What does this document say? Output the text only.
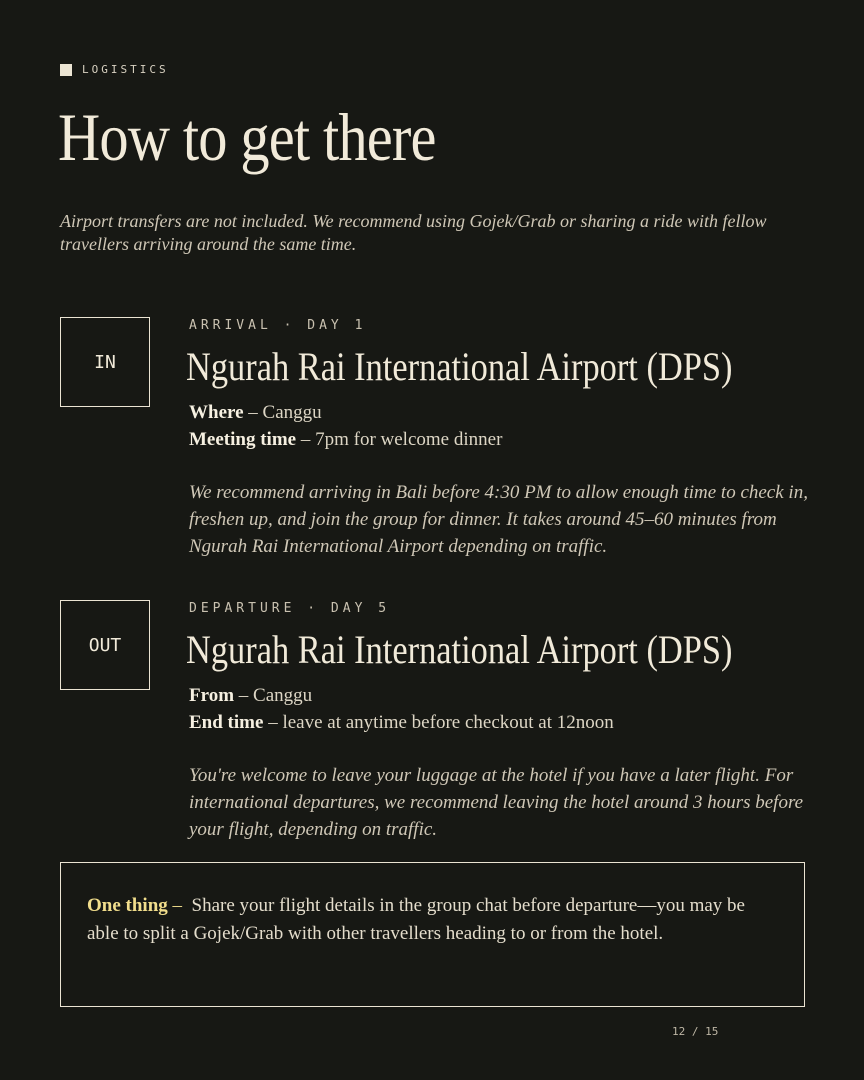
LOGISTICS
How to get there

Airport transfers are not included. We recommend using Gojek/Grab or sharing a ride with fellow travellers arriving around the same time.

IN

ARRIVAL · DAY 1

Ngurah Rai International Airport (DPS)
Where – Canggu
Meeting time – 7pm for welcome dinner

We recommend arriving in Bali before 4:30 PM to allow enough time to check in, freshen up, and join the group for dinner. It takes around 45–60 minutes from Ngurah Rai International Airport depending on traffic.

OUT

DEPARTURE · DAY 5

Ngurah Rai International Airport (DPS)
From – Canggu
End time – leave at anytime before checkout at 12noon

You're welcome to leave your luggage at the hotel if you have a later flight. For international departures, we recommend leaving the hotel around 3 hours before your flight, depending on traffic.

One thing – Share your flight details in the group chat before departure—you may be able to split a Gojek/Grab with other travellers heading to or from the hotel.
12 / 15
